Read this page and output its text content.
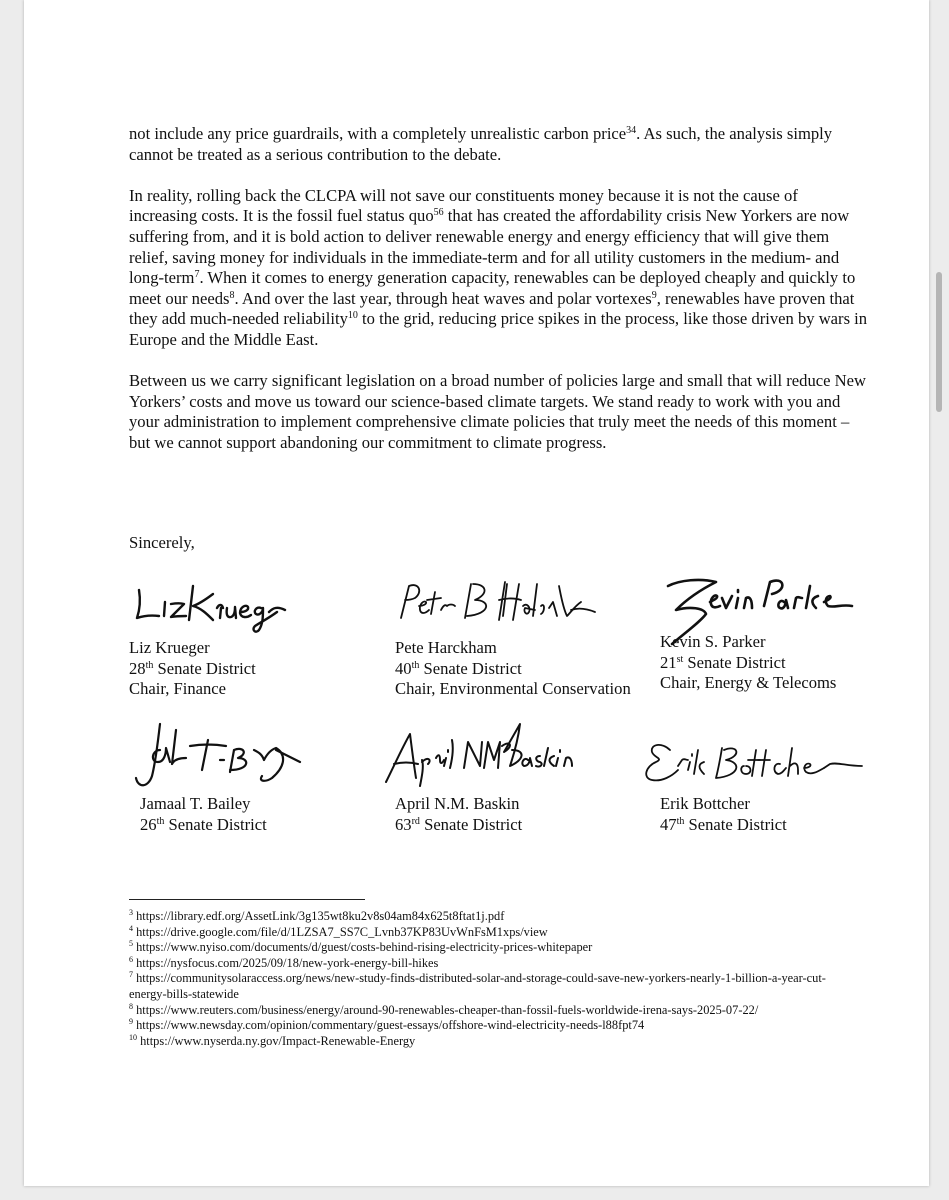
not include any price guardrails, with a completely unrealistic carbon price$^{34}$. As such, the analysis simply cannot be treated as a serious contribution to the debate.

In reality, rolling back the CLCPA will not save our constituents money because it is not the cause of increasing costs. It is the fossil fuel status quo$^{56}$ that has created the affordability crisis New Yorkers are now suffering from, and it is bold action to deliver renewable energy and energy efficiency that will give them relief, saving money for individuals in the immediate-term and for all utility customers in the medium- and long-term$^7$. When it comes to energy generation capacity, renewables can be deployed cheaply and quickly to meet our needs$^8$. And over the last year, through heat waves and polar vortexes$^9$, renewables have proven that they add much-needed reliability$^{10}$ to the grid, reducing price spikes in the process, like those driven by wars in Europe and the Middle East.

Between us we carry significant legislation on a broad number of policies large and small that will reduce New Yorkers’ costs and move us toward our science-based climate targets. We stand ready to work with you and your administration to implement comprehensive climate policies that truly meet the needs of this moment – but we cannot support abandoning our commitment to climate progress.

Sincerely,
Liz Krueger
28th Senate District
Chair, Finance
Pete Harckham
40th Senate District
Chair, Environmental Conservation
Kevin S. Parker
21st Senate District
Chair, Energy & Telecoms
Jamaal T. Bailey
26th Senate District
April N.M. Baskin
63rd Senate District
Erik Bottcher
47th Senate District
$^3$ https://library.edf.org/AssetLink/3g135wt8ku2v8s04am84x625t8ftat1j.pdf
$^4$ https://drive.google.com/file/d/1LZSA7_SS7C_Lvnb37KP83UvWnFsM1xps/view
$^5$ https://www.nyiso.com/documents/d/guest/costs-behind-rising-electricity-prices-whitepaper
$^6$ https://nysfocus.com/2025/09/18/new-york-energy-bill-hikes
$^7$ https://communitysolaraccess.org/news/new-study-finds-distributed-solar-and-storage-could-save-new-yorkers-nearly-1-billion-a-year-cut-energy-bills-statewide
$^8$ https://www.reuters.com/business/energy/around-90-renewables-cheaper-than-fossil-fuels-worldwide-irena-says-2025-07-22/
$^9$ https://www.newsday.com/opinion/commentary/guest-essays/offshore-wind-electricity-needs-l88fpt74
$^{10}$ https://www.nyserda.ny.gov/Impact-Renewable-Energy
